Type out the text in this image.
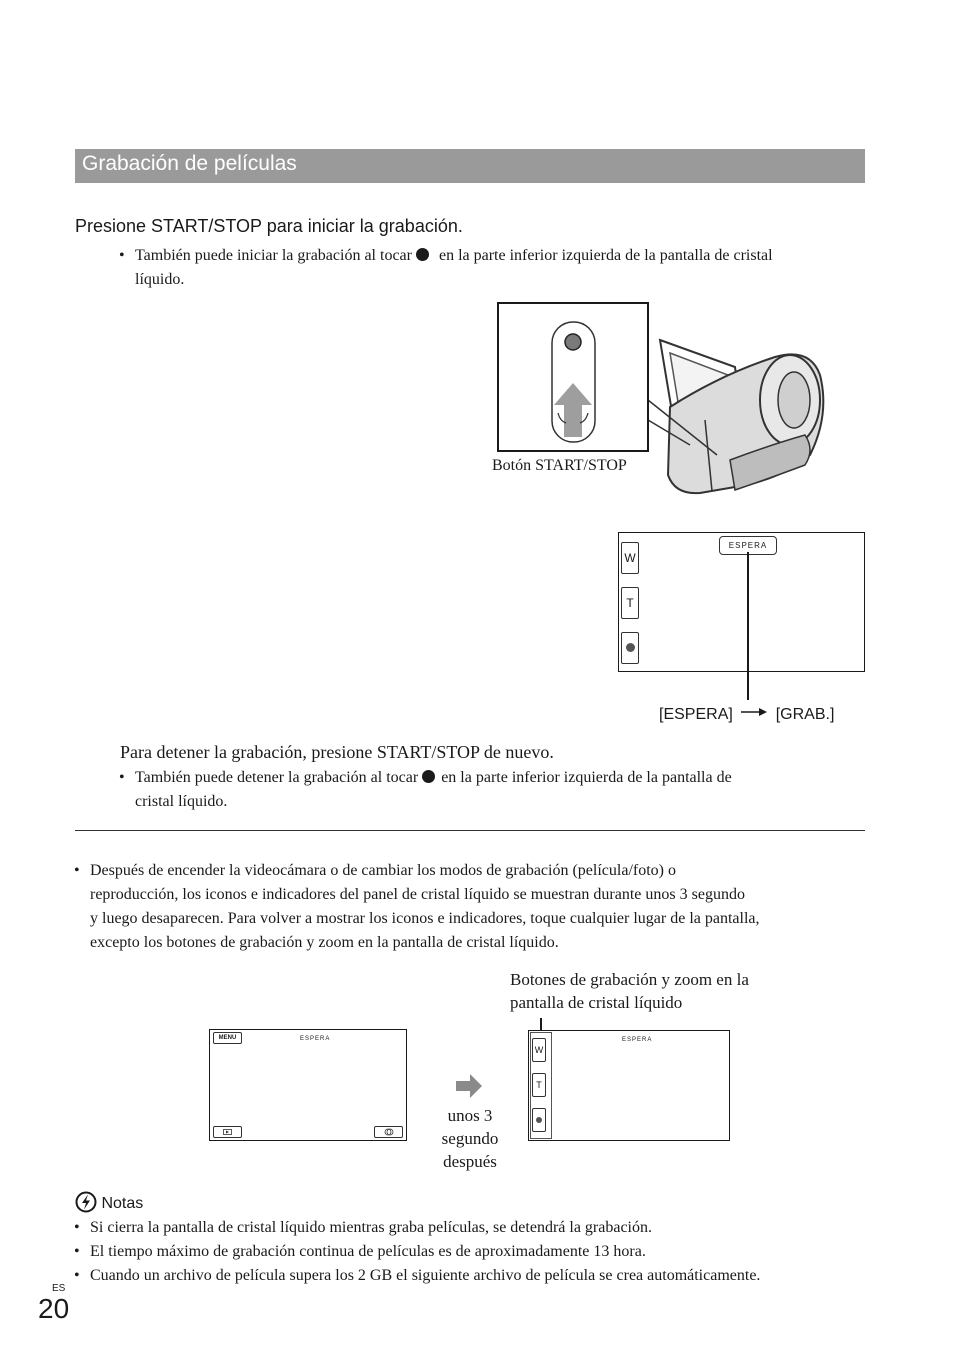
Grabación de películas
Presione START/STOP para iniciar la grabación.
• También puede iniciar la grabación al tocar en la parte inferior izquierda de la pantalla de cristal
líquido.
Botón START/STOP
ESPERA
W
T
[ESPERA]	[GRAB.]
Para detener la grabación, presione START/STOP de nuevo.
• También puede detener la grabación al tocar en la parte inferior izquierda de la pantalla de
cristal líquido.
• Después de encender la videocámara o de cambiar los modos de grabación (película/foto) o
reproducción, los iconos e indicadores del panel de cristal líquido se muestran durante unos 3 segundo
y luego desaparecen. Para volver a mostrar los iconos e indicadores, toque cualquier lugar de la pantalla,
excepto los botones de grabación y zoom en la pantalla de cristal líquido.
Botones de grabación y zoom en la
pantalla de cristal líquido
MENU	ESPERA
unos 3
segundo
después
W
T
ESPERA
Notas
• Si cierra la pantalla de cristal líquido mientras graba películas, se detendrá la grabación.
• El tiempo máximo de grabación continua de películas es de aproximadamente 13 hora.
• Cuando un archivo de película supera los 2 GB el siguiente archivo de película se crea automáticamente.
ES
20
